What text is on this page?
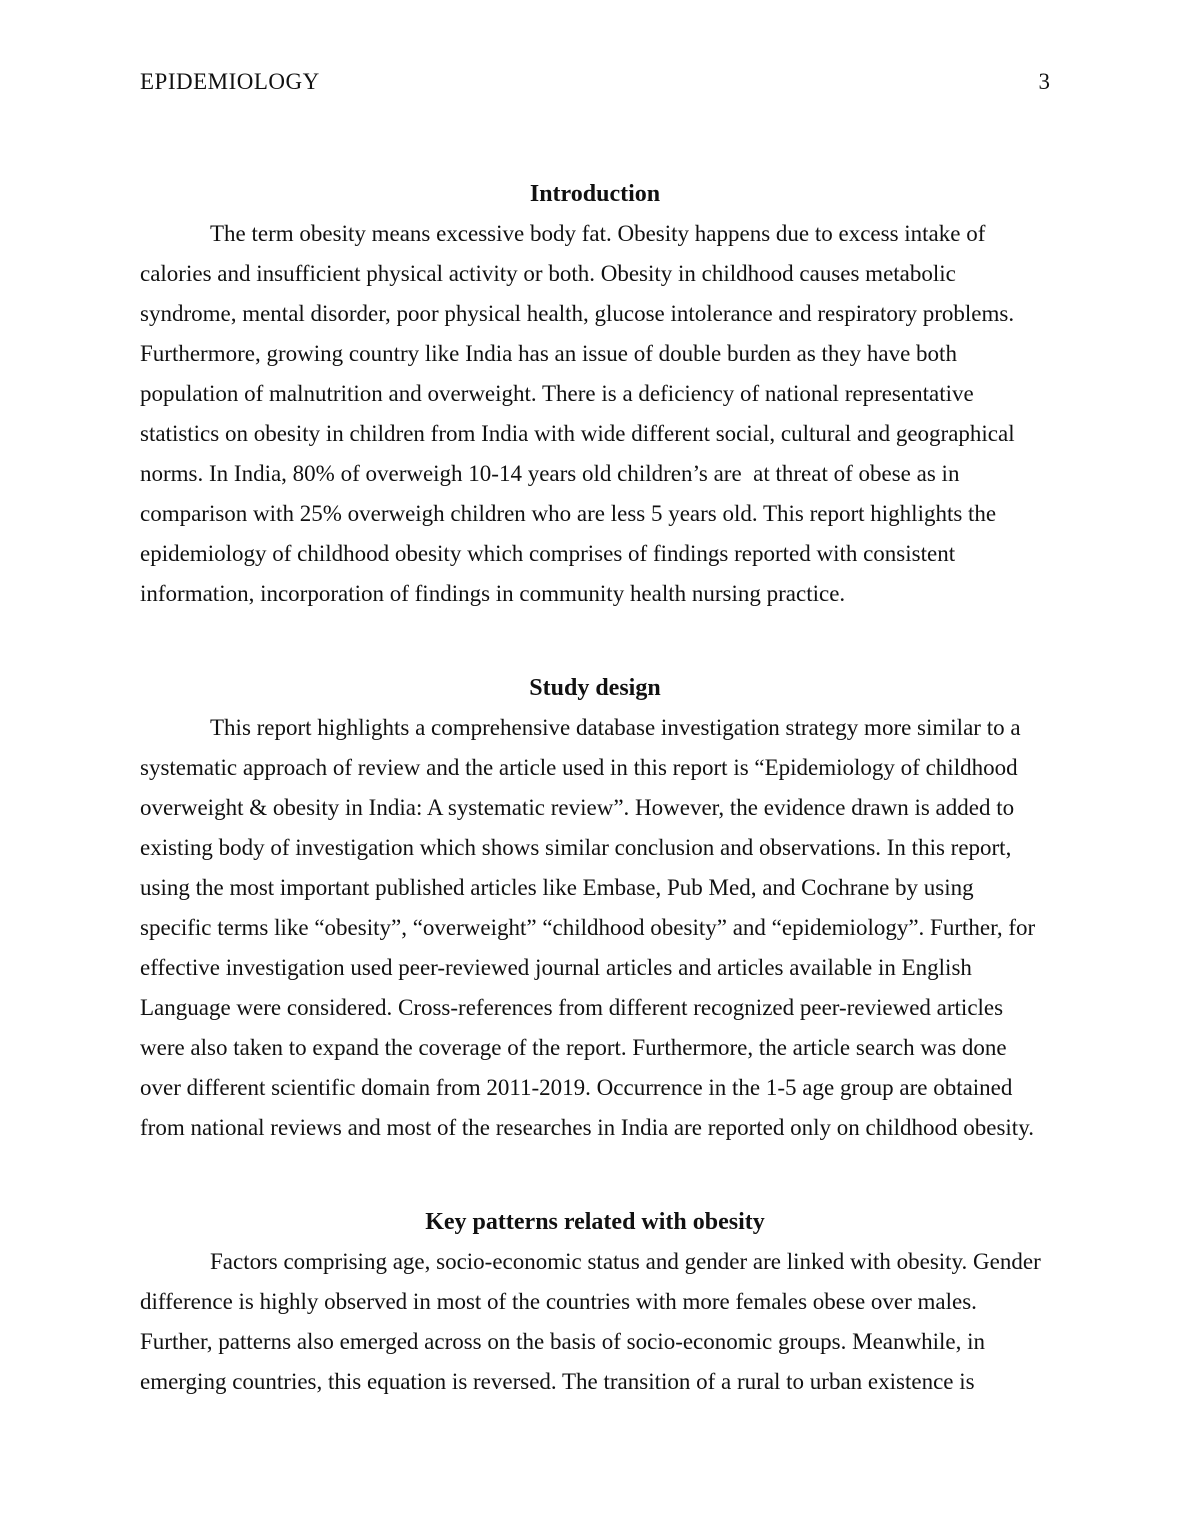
EPIDEMIOLOGY	3
Introduction

The term obesity means excessive body fat. Obesity happens due to excess intake of calories and insufficient physical activity or both. Obesity in childhood causes metabolic syndrome, mental disorder, poor physical health, glucose intolerance and respiratory problems. Furthermore, growing country like India has an issue of double burden as they have both population of malnutrition and overweight. There is a deficiency of national representative statistics on obesity in children from India with wide different social, cultural and geographical norms. In India, 80% of overweigh 10-14 years old children’s are  at threat of obese as in comparison with 25% overweigh children who are less 5 years old. This report highlights the epidemiology of childhood obesity which comprises of findings reported with consistent information, incorporation of findings in community health nursing practice.

Study design

This report highlights a comprehensive database investigation strategy more similar to a systematic approach of review and the article used in this report is “Epidemiology of childhood overweight & obesity in India: A systematic review”. However, the evidence drawn is added to existing body of investigation which shows similar conclusion and observations. In this report, using the most important published articles like Embase, Pub Med, and Cochrane by using specific terms like “obesity”, “overweight” “childhood obesity” and “epidemiology”. Further, for effective investigation used peer-reviewed journal articles and articles available in English Language were considered. Cross-references from different recognized peer-reviewed articles were also taken to expand the coverage of the report. Furthermore, the article search was done over different scientific domain from 2011-2019. Occurrence in the 1-5 age group are obtained from national reviews and most of the researches in India are reported only on childhood obesity.

Key patterns related with obesity

Factors comprising age, socio-economic status and gender are linked with obesity. Gender difference is highly observed in most of the countries with more females obese over males. Further, patterns also emerged across on the basis of socio-economic groups. Meanwhile, in emerging countries, this equation is reversed. The transition of a rural to urban existence is
